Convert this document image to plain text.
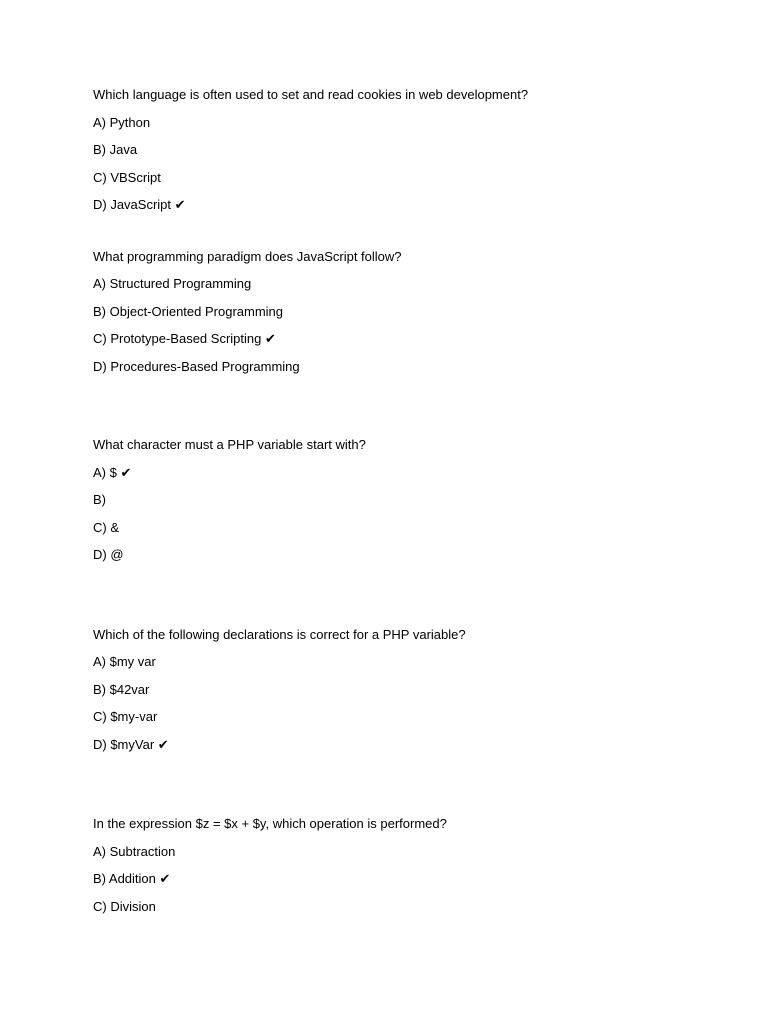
Which language is often used to set and read cookies in web development?
A) Python
B) Java
C) VBScript
D) JavaScript ✔
What programming paradigm does JavaScript follow?
A) Structured Programming
B) Object-Oriented Programming
C) Prototype-Based Scripting ✔
D) Procedures-Based Programming
What character must a PHP variable start with?
A) $ ✔
B)
C) &
D) @
Which of the following declarations is correct for a PHP variable?
A) $my var
B) $42var
C) $my-var
D) $myVar ✔
In the expression $z = $x + $y, which operation is performed?
A) Subtraction
B) Addition ✔
C) Division
